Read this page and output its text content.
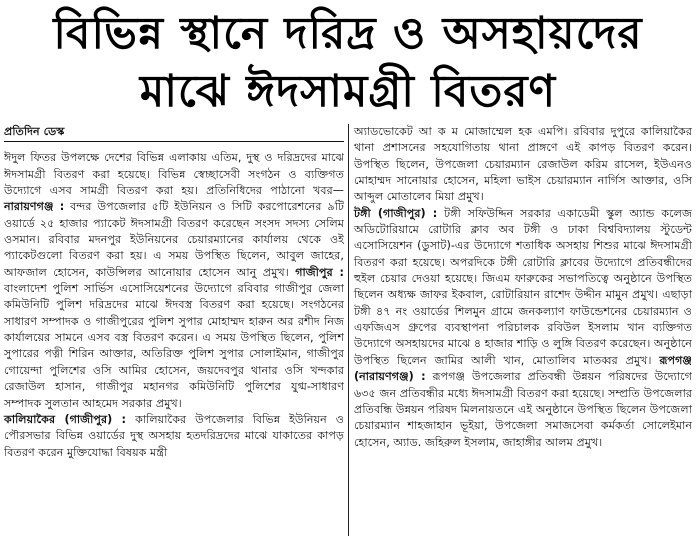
বিভিন্ন স্থানে দরিদ্র ও অসহায়দের
মাঝে ঈদসামগ্রী বিতরণ
প্রতিদিন ডেস্ক

ঈদুল ফিতর উপলক্ষে দেশের বিভিন্ন এলাকায় এতিম, দুস্থ ও দরিদ্রদের মাঝে ঈদসামগ্রী বিতরণ করা হয়েছে। বিভিন্ন স্বেচ্ছাসেবী সংগঠন ও ব্যক্তিগত উদ্যোগে এসব সামগ্রী বিতরণ করা হয়। প্রতিনিধিদের পাঠানো খবর— নারায়ণগঞ্জ : বন্দর উপজেলার ৫টি ইউনিয়ন ও সিটি করপোরেশনের ৯টি ওয়ার্ডে ২৫ হাজার প্যাকেট ঈদসামগ্রী বিতরণ করেছেন সংসদ সদস্য সেলিম ওসমান। রবিবার মদনপুর ইউনিয়নের চেয়ারম্যানের কার্যালয় থেকে ওই প্যাকেটগুলো বিতরণ করা হয়। এ সময় উপস্থিত ছিলেন, আবুল জাহের, আফজাল হোসেন, কাউন্সিলর আনোয়ার হোসেন আনু প্রমুখ। গাজীপুর : বাংলাদেশ পুলিশ সার্ভিস এসোসিয়েশনের উদ্যোগে রবিবার গাজীপুর জেলা কমিউনিটি পুলিশ দরিদ্রদের মাঝে ঈদবস্ত্র বিতরণ করা হয়েছে। সংগঠনের সাধারণ সম্পাদক ও গাজীপুরের পুলিশ সুপার মোহাম্মদ হারুন অর রশীদ নিজ কার্যালয়ের সামনে এসব বস্ত্র বিতরণ করেন। এ সময় উপস্থিত ছিলেন, পুলিশ সুপারের পত্নী শিরিন আক্তার, অতিরিক্ত পুলিশ সুপার সোলাইমান, গাজীপুর গোয়েন্দা পুলিশের ওসি আমির হোসেন, জয়দেবপুর থানার ওসি খন্দকার রেজাউল হাসান, গাজীপুর মহানগর কমিউনিটি পুলিশের যুগ্ম-সাধারণ সম্পাদক সুলতান আহমেদ সরকার প্রমুখ।

কালিয়াকৈর (গাজীপুর) : কালিয়াকৈর উপজেলার বিভিন্ন ইউনিয়ন ও পৌরসভার বিভিন্ন ওয়ার্ডের দুস্থ অসহায় হতদরিদ্রদের মাঝে যাকাতের কাপড় বিতরণ করেন মুক্তিযোদ্ধা বিষয়ক মন্ত্রী

অ্যাডভোকেট আ ক ম মোজাম্মেল হক এমপি। রবিবার দুপুরে কালিয়াকৈর থানা প্রশাসনের সহযোগিতায় থানা প্রাঙ্গণে এই কাপড় বিতরণ করেন। উপস্থিত ছিলেন, উপজেলা চেয়ারম্যান রেজাউল করিম রাসেল, ইউএনও মোহাম্মদ সানোয়ার হোসেন, মহিলা ভাইস চেয়ারম্যান নার্গিস আক্তার, ওসি আব্দুল মোতালেব মিয়া প্রমুখ।

টঙ্গী (গাজীপুর) : টঙ্গী সফিউদ্দিন সরকার একাডেমী স্কুল অ্যান্ড কলেজ অডিটোরিয়ামে রোটারি ক্লাব অব টঙ্গী ও ঢাকা বিশ্ববিদ্যালয় স্টুডেন্ট এসোসিয়েশন (ডুসাট)-এর উদ্যোগে শতাধিক অসহায় শিশুর মাঝে ঈদসামগ্রী বিতরণ করা হয়েছে। অপরদিকে টঙ্গী রোটারি ক্লাবের উদ্যোগে প্রতিবন্ধীদের হুইল চেয়ার দেওয়া হয়েছে। জিএম ফারুকের সভাপতিত্বে অনুষ্ঠানে উপস্থিত ছিলেন অধ্যক্ষ জাফর ইকবাল, রোটারিয়ান রাশেদ উদ্দীন মামুন প্রমুখ। এছাড়া টঙ্গী ৪৭ নং ওয়ার্ডের শিলমুন গ্রামে জনকল্যাণ ফাউন্ডেশনের চেয়ারম্যান ও এফজিএস গ্রুপের ব্যবস্থাপনা পরিচালক রবিউল ইসলাম খান ব্যক্তিগত উদ্যোগে অসহায়দের মাঝে ৪ হাজার শাড়ি ও লুঙ্গি বিতরণ করেছেন। অনুষ্ঠানে উপস্থিত ছিলেন জামির আলী খান, মোতালিব মাতব্বর প্রমুখ। রূপগঞ্জ (নারায়ণগঞ্জ) : রূপগঞ্জ উপজেলার প্রতিবন্ধী উন্নয়ন পরিষদের উদ্যোগে ৬৩৫ জন প্রতিবন্ধীর মধ্যে ঈদসামগ্রী বিতরণ করা হয়েছে। সম্প্রতি উপজেলার প্রতিবন্ধি উন্নয়ন পরিষদ মিলনায়তনে এই অনুষ্ঠানে উপস্থিত ছিলেন উপজেলা চেয়ারম্যান শাহজাহান ভূইয়া, উপজেলা সমাজসেবা কর্মকর্তা সোলেইমান হোসেন, অ্যাড. জহিরুল ইসলাম, জাহাঙ্গীর আলম প্রমুখ।
